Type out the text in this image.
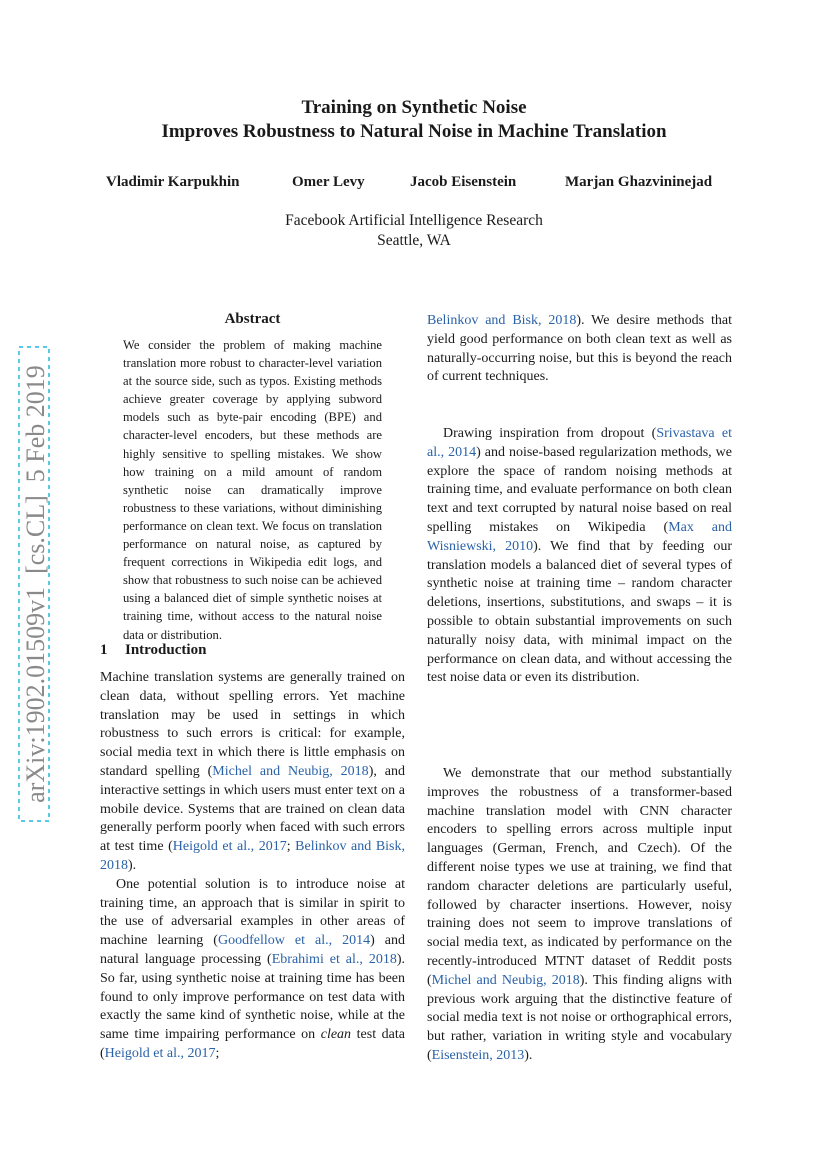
arXiv:1902.01509v1  [cs.CL]  5 Feb 2019
Training on Synthetic Noise
Improves Robustness to Natural Noise in Machine Translation
Vladimir Karpukhin	Omer Levy	Jacob Eisenstein	Marjan Ghazvininejad
Facebook Artificial Intelligence Research
Seattle, WA
Abstract
We consider the problem of making machine translation more robust to character-level variation at the source side, such as typos. Existing methods achieve greater coverage by applying subword models such as byte-pair encoding (BPE) and character-level encoders, but these methods are highly sensitive to spelling mistakes. We show how training on a mild amount of random synthetic noise can dramatically improve robustness to these variations, without diminishing performance on clean text. We focus on translation performance on natural noise, as captured by frequent corrections in Wikipedia edit logs, and show that robustness to such noise can be achieved using a balanced diet of simple synthetic noises at training time, without access to the natural noise data or distribution.
1 Introduction

Machine translation systems are generally trained on clean data, without spelling errors. Yet machine translation may be used in settings in which robustness to such errors is critical: for example, social media text in which there is little emphasis on standard spelling (Michel and Neubig, 2018), and interactive settings in which users must enter text on a mobile device. Systems that are trained on clean data generally perform poorly when faced with such errors at test time (Heigold et al., 2017; Belinkov and Bisk, 2018).

One potential solution is to introduce noise at training time, an approach that is similar in spirit to the use of adversarial examples in other areas of machine learning (Goodfellow et al., 2014) and natural language processing (Ebrahimi et al., 2018). So far, using synthetic noise at training time has been found to only improve performance on test data with exactly the same kind of synthetic noise, while at the same time impairing performance on clean test data (Heigold et al., 2017;

Belinkov and Bisk, 2018). We desire methods that yield good performance on both clean text as well as naturally-occurring noise, but this is beyond the reach of current techniques.

Drawing inspiration from dropout (Srivastava et al., 2014) and noise-based regularization methods, we explore the space of random noising methods at training time, and evaluate performance on both clean text and text corrupted by natural noise based on real spelling mistakes on Wikipedia (Max and Wisniewski, 2010). We find that by feeding our translation models a balanced diet of several types of synthetic noise at training time – random character deletions, insertions, substitutions, and swaps – it is possible to obtain substantial improvements on such naturally noisy data, with minimal impact on the performance on clean data, and without accessing the test noise data or even its distribution.

We demonstrate that our method substantially improves the robustness of a transformer-based machine translation model with CNN character encoders to spelling errors across multiple input languages (German, French, and Czech). Of the different noise types we use at training, we find that random character deletions are particularly useful, followed by character insertions. However, noisy training does not seem to improve translations of social media text, as indicated by performance on the recently-introduced MTNT dataset of Reddit posts (Michel and Neubig, 2018). This finding aligns with previous work arguing that the distinctive feature of social media text is not noise or orthographical errors, but rather, variation in writing style and vocabulary (Eisenstein, 2013).
